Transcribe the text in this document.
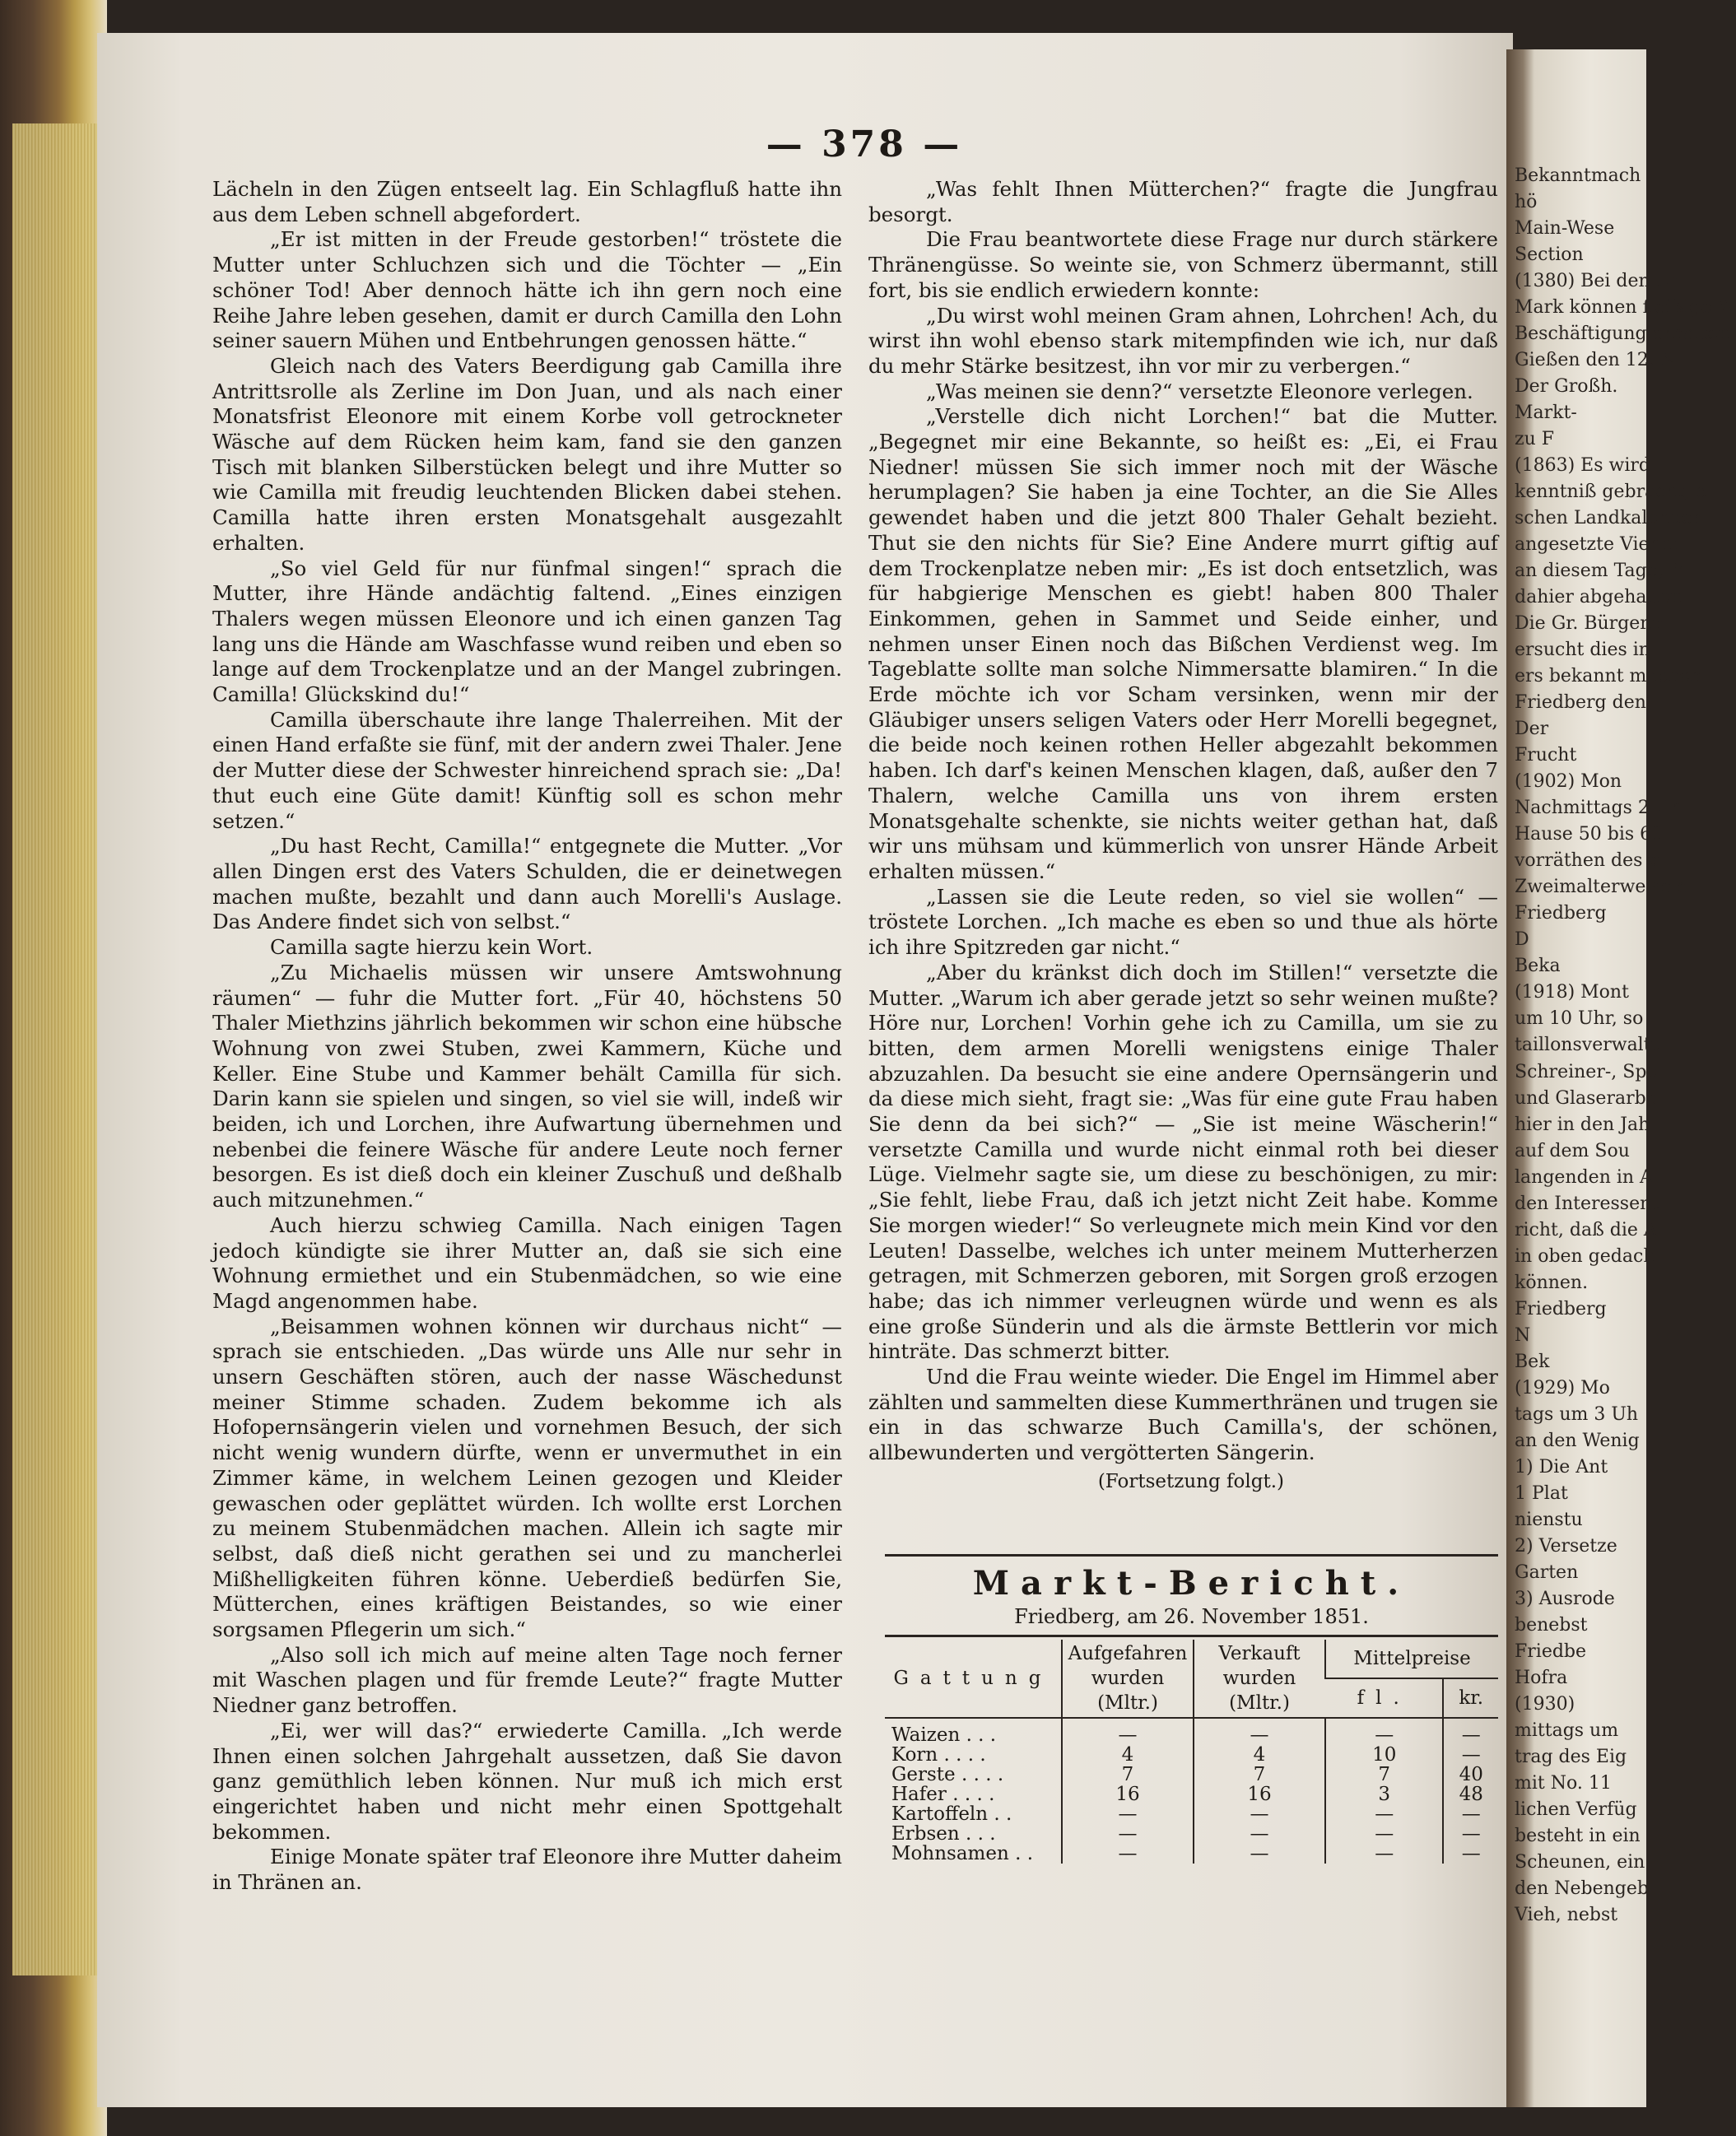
— 378 —

Lächeln in den Zügen entseelt lag. Ein Schlagfluß hatte ihn aus dem Leben schnell abgefordert.

„Er ist mitten in der Freude gestorben!“ tröstete die Mutter unter Schluchzen sich und die Töchter — „Ein schöner Tod! Aber dennoch hätte ich ihn gern noch eine Reihe Jahre leben gesehen, damit er durch Camilla den Lohn seiner sauern Mühen und Entbehrungen genossen hätte.“

Gleich nach des Vaters Beerdigung gab Camilla ihre Antrittsrolle als Zerline im Don Juan, und als nach einer Monatsfrist Eleonore mit einem Korbe voll getrockneter Wäsche auf dem Rücken heim kam, fand sie den ganzen Tisch mit blanken Silberstücken belegt und ihre Mutter so wie Camilla mit freudig leuchtenden Blicken dabei stehen. Camilla hatte ihren ersten Monatsgehalt ausgezahlt erhalten.

„So viel Geld für nur fünfmal singen!“ sprach die Mutter, ihre Hände andächtig faltend. „Eines einzigen Thalers wegen müssen Eleonore und ich einen ganzen Tag lang uns die Hände am Waschfasse wund reiben und eben so lange auf dem Trockenplatze und an der Mangel zubringen. Camilla! Glückskind du!“

Camilla überschaute ihre lange Thalerreihen. Mit der einen Hand erfaßte sie fünf, mit der andern zwei Thaler. Jene der Mutter diese der Schwester hinreichend sprach sie: „Da! thut euch eine Güte damit! Künftig soll es schon mehr setzen.“

„Du hast Recht, Camilla!“ entgegnete die Mutter. „Vor allen Dingen erst des Vaters Schulden, die er deinetwegen machen mußte, bezahlt und dann auch Morelli's Auslage. Das Andere findet sich von selbst.“

Camilla sagte hierzu kein Wort.

„Zu Michaelis müssen wir unsere Amtswohnung räumen“ — fuhr die Mutter fort. „Für 40, höchstens 50 Thaler Miethzins jährlich bekommen wir schon eine hübsche Wohnung von zwei Stuben, zwei Kammern, Küche und Keller. Eine Stube und Kammer behält Camilla für sich. Darin kann sie spielen und singen, so viel sie will, indeß wir beiden, ich und Lorchen, ihre Aufwartung übernehmen und nebenbei die feinere Wäsche für andere Leute noch ferner besorgen. Es ist dieß doch ein kleiner Zuschuß und deßhalb auch mitzunehmen.“

Auch hierzu schwieg Camilla. Nach einigen Tagen jedoch kündigte sie ihrer Mutter an, daß sie sich eine Wohnung ermiethet und ein Stubenmädchen, so wie eine Magd angenommen habe.

„Beisammen wohnen können wir durchaus nicht“ — sprach sie entschieden. „Das würde uns Alle nur sehr in unsern Geschäften stören, auch der nasse Wäschedunst meiner Stimme schaden. Zudem bekomme ich als Hofopernsängerin vielen und vornehmen Besuch, der sich nicht wenig wundern dürfte, wenn er unvermuthet in ein Zimmer käme, in welchem Leinen gezogen und Kleider gewaschen oder geplättet würden. Ich wollte erst Lorchen zu meinem Stubenmädchen machen. Allein ich sagte mir selbst, daß dieß nicht gerathen sei und zu mancherlei Mißhelligkeiten führen könne. Ueberdieß bedürfen Sie, Mütterchen, eines kräftigen Beistandes, so wie einer sorgsamen Pflegerin um sich.“

„Also soll ich mich auf meine alten Tage noch ferner mit Waschen plagen und für fremde Leute?“ fragte Mutter Niedner ganz betroffen.

„Ei, wer will das?“ erwiederte Camilla. „Ich werde Ihnen einen solchen Jahrgehalt aussetzen, daß Sie davon ganz gemüthlich leben können. Nur muß ich mich erst eingerichtet haben und nicht mehr einen Spottgehalt bekommen.

Einige Monate später traf Eleonore ihre Mutter daheim in Thränen an.

„Was fehlt Ihnen Mütterchen?“ fragte die Jungfrau besorgt.

Die Frau beantwortete diese Frage nur durch stärkere Thränengüsse. So weinte sie, von Schmerz übermannt, still fort, bis sie endlich erwiedern konnte:

„Du wirst wohl meinen Gram ahnen, Lohrchen! Ach, du wirst ihn wohl ebenso stark mitempfinden wie ich, nur daß du mehr Stärke besitzest, ihn vor mir zu verbergen.“

„Was meinen sie denn?“ versetzte Eleonore verlegen.

„Verstelle dich nicht Lorchen!“ bat die Mutter. „Begegnet mir eine Bekannte, so heißt es: „Ei, ei Frau Niedner! müssen Sie sich immer noch mit der Wäsche herumplagen? Sie haben ja eine Tochter, an die Sie Alles gewendet haben und die jetzt 800 Thaler Gehalt bezieht. Thut sie den nichts für Sie? Eine Andere murrt giftig auf dem Trockenplatze neben mir: „Es ist doch entsetzlich, was für habgierige Menschen es giebt! haben 800 Thaler Einkommen, gehen in Sammet und Seide einher, und nehmen unser Einen noch das Bißchen Verdienst weg. Im Tageblatte sollte man solche Nimmersatte blamiren.“ In die Erde möchte ich vor Scham versinken, wenn mir der Gläubiger unsers seligen Vaters oder Herr Morelli begegnet, die beide noch keinen rothen Heller abgezahlt bekommen haben. Ich darf's keinen Menschen klagen, daß, außer den 7 Thalern, welche Camilla uns von ihrem ersten Monatsgehalte schenkte, sie nichts weiter gethan hat, daß wir uns mühsam und kümmerlich von unsrer Hände Arbeit erhalten müssen.“

„Lassen sie die Leute reden, so viel sie wollen“ — tröstete Lorchen. „Ich mache es eben so und thue als hörte ich ihre Spitzreden gar nicht.“

„Aber du kränkst dich doch im Stillen!“ versetzte die Mutter. „Warum ich aber gerade jetzt so sehr weinen mußte? Höre nur, Lorchen! Vorhin gehe ich zu Camilla, um sie zu bitten, dem armen Morelli wenigstens einige Thaler abzuzahlen. Da besucht sie eine andere Opernsängerin und da diese mich sieht, fragt sie: „Was für eine gute Frau haben Sie denn da bei sich?“ — „Sie ist meine Wäscherin!“ versetzte Camilla und wurde nicht einmal roth bei dieser Lüge. Vielmehr sagte sie, um diese zu beschönigen, zu mir: „Sie fehlt, liebe Frau, daß ich jetzt nicht Zeit habe. Komme Sie morgen wieder!“ So verleugnete mich mein Kind vor den Leuten! Dasselbe, welches ich unter meinem Mutterherzen getragen, mit Schmerzen geboren, mit Sorgen groß erzogen habe; das ich nimmer verleugnen würde und wenn es als eine große Sünderin und als die ärmste Bettlerin vor mich hinträte. Das schmerzt bitter.

Und die Frau weinte wieder. Die Engel im Himmel aber zählten und sammelten diese Kummerthränen und trugen sie ein in das schwarze Buch Camilla's, der schönen, allbewunderten und vergötterten Sängerin.

(Fortsetzung folgt.)
Markt-Bericht.
Friedberg, am 26. November 1851.
Gattung	Aufgefahren wurden (Mltr.)	Verkauft wurden (Mltr.)	Mittelpreise	
			fl.	kr.
Waizen . . .	—	—	—	—
Korn . . . .	4	4	10	—
Gerste . . . .	7	7	7	40
Hafer . . . .	16	16	3	48
Kartoffeln . .	—	—	—	—
Erbsen . . .	—	—	—	—
Mohnsamen . .	—	—	—	—
Bekanntmach
hö
Main-Wese
Section
(1380) Bei den Er
Mark können fleißige W
Beschäftigung erhalten.
Gießen den 12. N
Der Großh.
Markt-
zu F
(1863) Es wird
kenntniß gebracht, d
schen Landkalender
angesetzte Viehm
an diesem Tage, fr
dahier abgehalten
Die Gr. Bürgerm
ersucht dies in
ers bekannt machen
Friedberg den
Der
Frucht
(1902) Mon
Nachmittags 2 Uh
Hause 50 bis 60
vorräthen des v
Zweimalterweise o
Friedberg
D
Beka
(1918) Mont
um 10 Uhr, so
taillonsverwaltu
Schreiner-, Spe
und Glaserarbe
hier in den Jah
auf dem Sou
langenden in A
den Interessent
richt, daß die A
in oben gedach
können.
Friedberg
N
Bek
(1929) Mo
tags um 3 Uh
an den Wenig
1) Die Ant
1 Plat
nienstu
2) Versetze
Garten
3) Ausrode
benebst
Friedbe
Hofra
(1930)
mittags um
trag des Eig
mit No. 11
lichen Verfüg
besteht in ein
Scheunen, ein
den Nebengeb
Vieh, nebst
